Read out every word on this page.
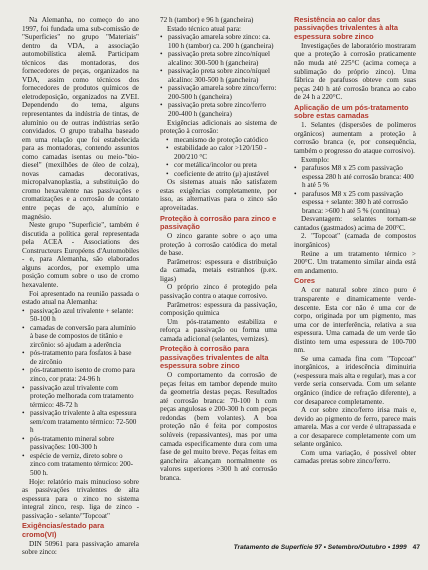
Na Alemanha, no começo do ano 1997, foi fundada uma sub-comissão de "Superficies" no grupo "Materiais" dentro da VDA, a associação automobilística alemã. Participam técnicos das montadoras, dos fornecedores de peças, organizados na VDA, assim como técnicos dos fornecedores de produtos químicos de eletrodeposição, organizados na ZVEI. Dependendo do tema, alguns representantes da indústria de tintas, de alumínio ou de outras indústrias serão convidados. O grupo trabalha baseado em uma relação que foi estabelecida para as montadoras, contendo assuntos como camadas isentas ou meio-"bio-diesel" (mexilhões de óleo de colza), novas camadas decorativas, micropalvanoplastia, a substituição do cromo hexavalente nas passivações e cromatizações e a corrosão de contato entre peças de aço, alumínio e magnésio.

Neste grupo "Superficie", também é discutida a política geral representada pela ACEA - Associations des Constructeurs Européens d'Automobiles - e, para Alemanha, são elaborados alguns acordos, por exemplo uma posição comum sobre o uso de cromo hexavalente.

Foi apresentado na reunião passada o estado atual na Alemanha:

• passivação azul trivalente + selante: 50-100 h
• camadas de conversão para alumínio à base de compostos de titânio e zircônio: só ajudam a aderência
• pós-tratamento para fosfatos à base de zircônio
• pós-tratamento isento de cromo para zinco, cor prata: 24-96 h
• passivação azul trivalente com proteção melhorada com tratamento térmico: 48-72 h
• passivação trivalente à alta espessura sem/com tratamento térmico: 72-500 h
• pós-tratamento mineral sobre passivações: 100-300 h
• espécie de verniz, direto sobre o zinco com tratamento térmico: 200-500 h.

Hoje: relatório mais minucioso sobre as passivações trivalentes de alta espessura para o zinco no sistema integral zinco, resp. liga de zinco - passivação - selante/"Topcoat"

Exigências/estado para cromo(VI)

DIN 50961 para passivação amarela sobre zinco:

72 h (tambor) e 96 h (gancheira)

Estado técnico atual para:

• passivação amarela sobre zinco: ca. 100 h (tambor) ca. 200 h (gancheira)
• passivação preta sobre zinco/níquel alcalino: 300-500 h (gancheira)
• passivação preta sobre zinco/níquel alcalino: 300-500 h (gancheira)
• passivação amarela sobre zinco/ferro: 200-500 h (gancheira)
• passivação preta sobre zinco/ferro 200-400 h (gancheira)

Exigências adicionais ao sistema de proteção à corrosão:

• mecanismo de proteção catódico
• estabilidade ao calor >120/150 - 200/210 °C
• cor metálica/incolor ou preta
• coeficiente de atrito (μ) ajustável

Os sistemas atuais não satisfazem estas exigências completamente, por isso, as alternativas para o zinco são aproveitadas.

Proteção à corrosão para zinco e passivação

O zinco garante sobre o aço uma proteção à corrosão catódica do metal de base.

Parâmetros: espessura e distribuição da camada, metais estranhos (p.ex. ligas)

O próprio zinco é protegido pela passivação contra o ataque corrosivo.

Parâmetros: espessura da passivação, composição química

Um pós-tratamento estabiliza e reforça a passivação ou forma uma camada adicional (selantes, vernizes).

Proteção à corrosão para passivações trivalentes de alta espessura sobre zinco

O comportamento da corrosão de peças feitas em tambor depende muito da geometria destas peças. Resultados até corrosão branca: 70-100 h com peças angulosas e 200-300 h com peças redondas (bem volantes). A boa proteção não é feita por compostos solúveis (repassivantes), mas por uma camada especificamente dura com uma fase de gel muito breve. Peças feitas em gancheira alcançam normalmente os valores superiores >300 h até corrosão branca.

Resistência ao calor das passivações trivalentes à alta espessura sobre zinco

Investigações de laboratório mostraram que a proteção à corrosão praticamente não muda até 225°C (acima começa a sublimação do próprio zinco). Uma fábrica de parafusos obteve com suas peças 240 h até corrosão branca ao cabo de 24 h a 220°C.

Aplicação de um pós-tratamento sobre estas camadas

1. Selantes (dispersões de polímeros orgânicos) aumentam a proteção à corrosão branca (e, por consequência, também o progresso do ataque corrosivo).

Exemplo:

• parafusos M8 x 25 com passivação espessa 280 h até corrosão branca: 400 h até 5 %
• parafusos M8 x 25 com passivação espessa + selante: 380 h até corrosão branca: >600 h até 5 % (contínua)

Desvantagem: selantes tornam-se cantados (gastmados) acima de 200°C.

2. "Topcoat" (camada de compostos inorgânicos)

Reúne a um tratamento térmico > 200°C. Um tratamento similar ainda está em andamento.

Cores

A cor natural sobre zinco puro é transparente e dinamicamente verde-descente. Esta cor não é uma cor de corpo, originada por um pigmento, mas uma cor de interferência, relativa a sua espessura. Uma camada de um verde tão distinto tem uma espessura de 100-700 nm.

Se uma camada fina com "Topcoat" inorgânicos, a iridescência diminuiria (»espessura mais alta e regular), mas a cor verde seria conservada. Com um selante orgânico (índice de refração diferente), a cor desaparece completamente.

A cor sobre zinco/ferro irisa mais e, devido ao pigmento de ferro, parece mais amarela. Mas a cor verde é ultrapassada e a cor desaparece completamente com um selante orgânico.

Com uma variação, é possível obter camadas pretas sobre zinco/ferro.

Tratamento de Superfície 97 • Setembro/Outubro • 1999 47
